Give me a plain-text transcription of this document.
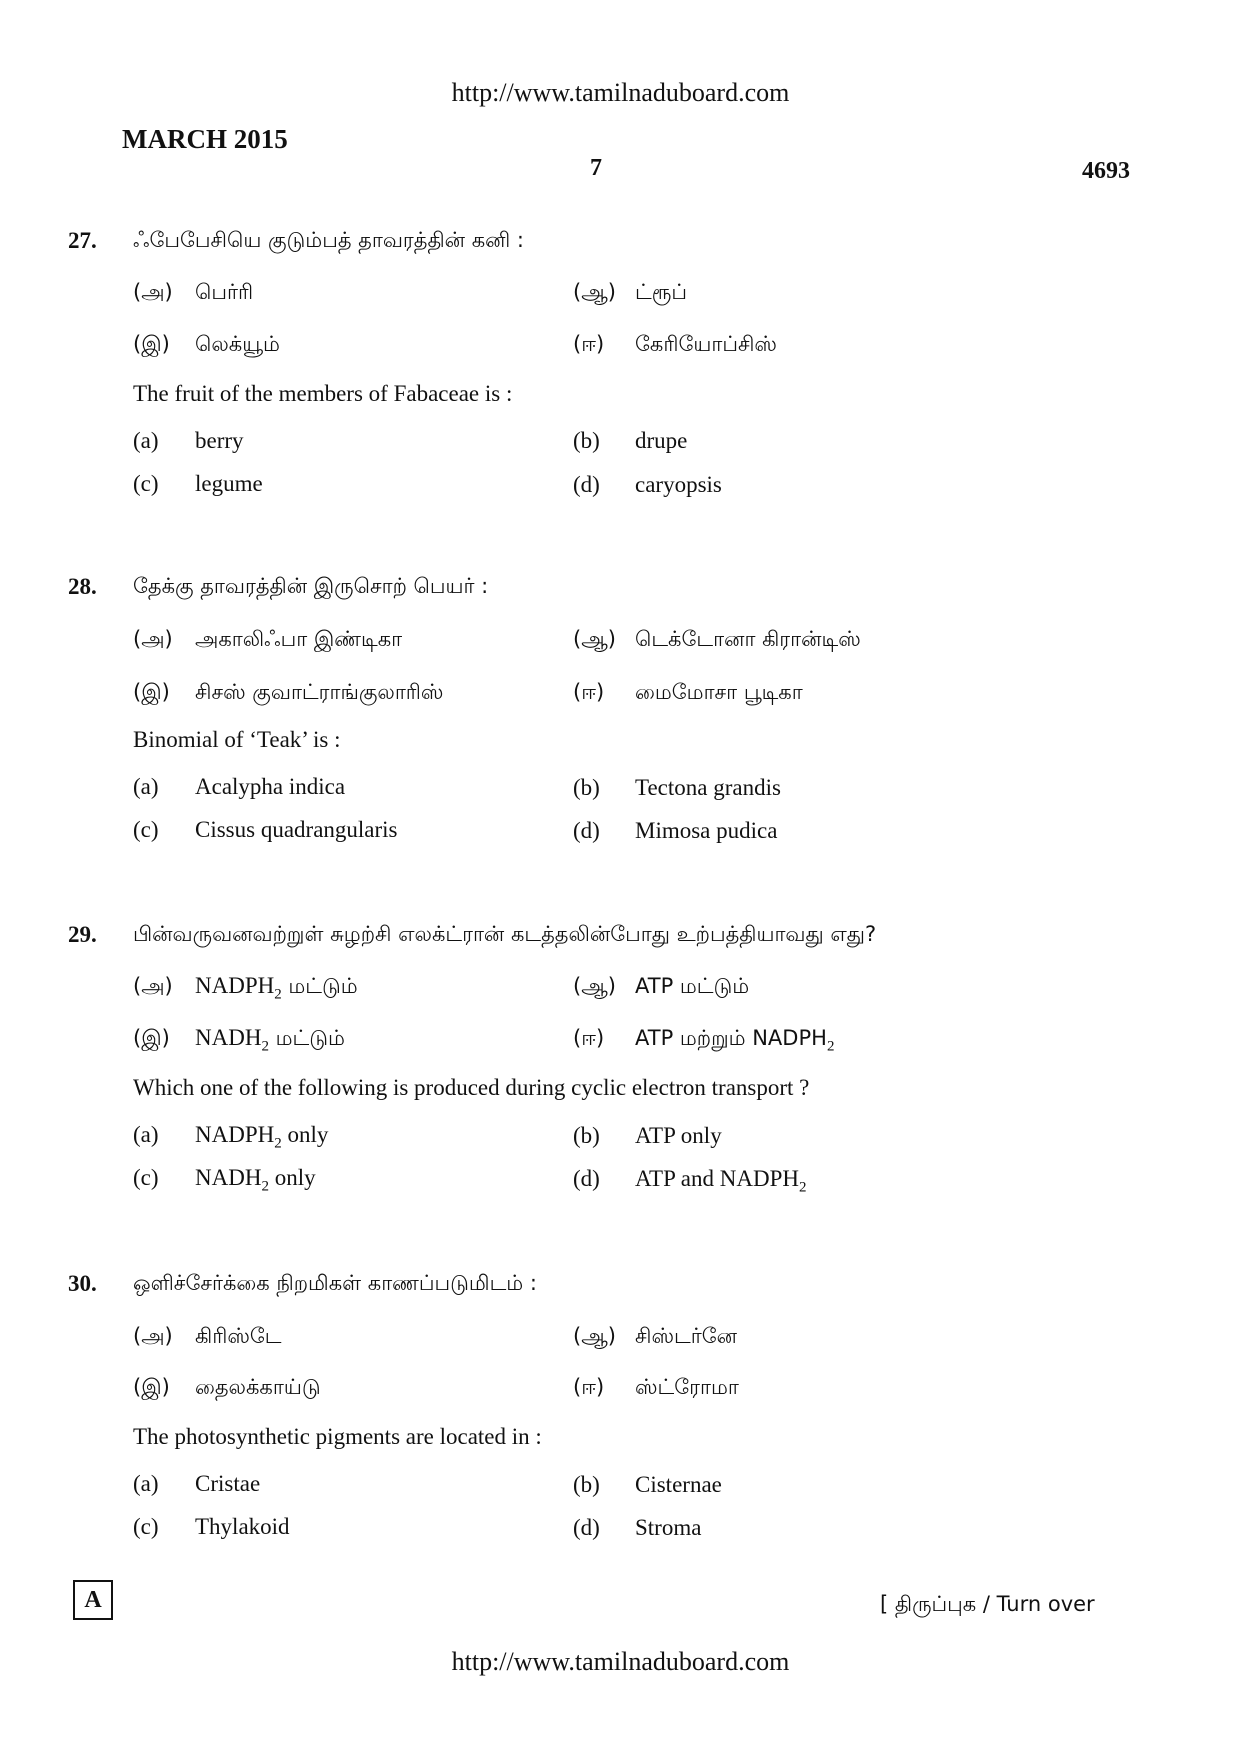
http://www.tamilnaduboard.com
MARCH 2015
7	4693
27. ஃபேபேசியெ குடும்பத் தாவரத்தின் கனி :
(அ) பெர்ரி	(ஆ) ட்ரூப்
(இ) லெக்யூம்	(ஈ) கேரியோப்சிஸ்
The fruit of the members of Fabaceae is :
(a) berry	(b) drupe
(c) legume	(d) caryopsis
28. தேக்கு தாவரத்தின் இருசொற் பெயர் :
(அ) அகாலிஃபா இண்டிகா	(ஆ) டெக்டோனா கிரான்டிஸ்
(இ) சிசஸ் குவாட்ராங்குலாரிஸ்	(ஈ) மைமோசா பூடிகா
Binomial of ‘Teak’ is :
(a) Acalypha indica	(b) Tectona grandis
(c) Cissus quadrangularis	(d) Mimosa pudica
29. பின்வருவனவற்றுள் சுழற்சி எலக்ட்ரான் கடத்தலின்போது உற்பத்தியாவது எது?
(அ) $NADPH_2$ மட்டும்	(ஆ) ATP மட்டும்
(இ) $NADH_2$ மட்டும்	(ஈ) ATP மற்றும் $NADPH_2$
Which one of the following is produced during cyclic electron transport ?
(a) $NADPH_2$ only	(b) ATP only
(c) $NADH_2$ only	(d) ATP and $NADPH_2$
30. ஒளிச்சேர்க்கை நிறமிகள் காணப்படுமிடம் :
(அ) கிரிஸ்டே	(ஆ) சிஸ்டர்னே
(இ) தைலக்காய்டு	(ஈ) ஸ்ட்ரோமா
The photosynthetic pigments are located in :
(a) Cristae	(b) Cisternae
(c) Thylakoid	(d) Stroma
A	[ திருப்புக / Turn over
http://www.tamilnaduboard.com
